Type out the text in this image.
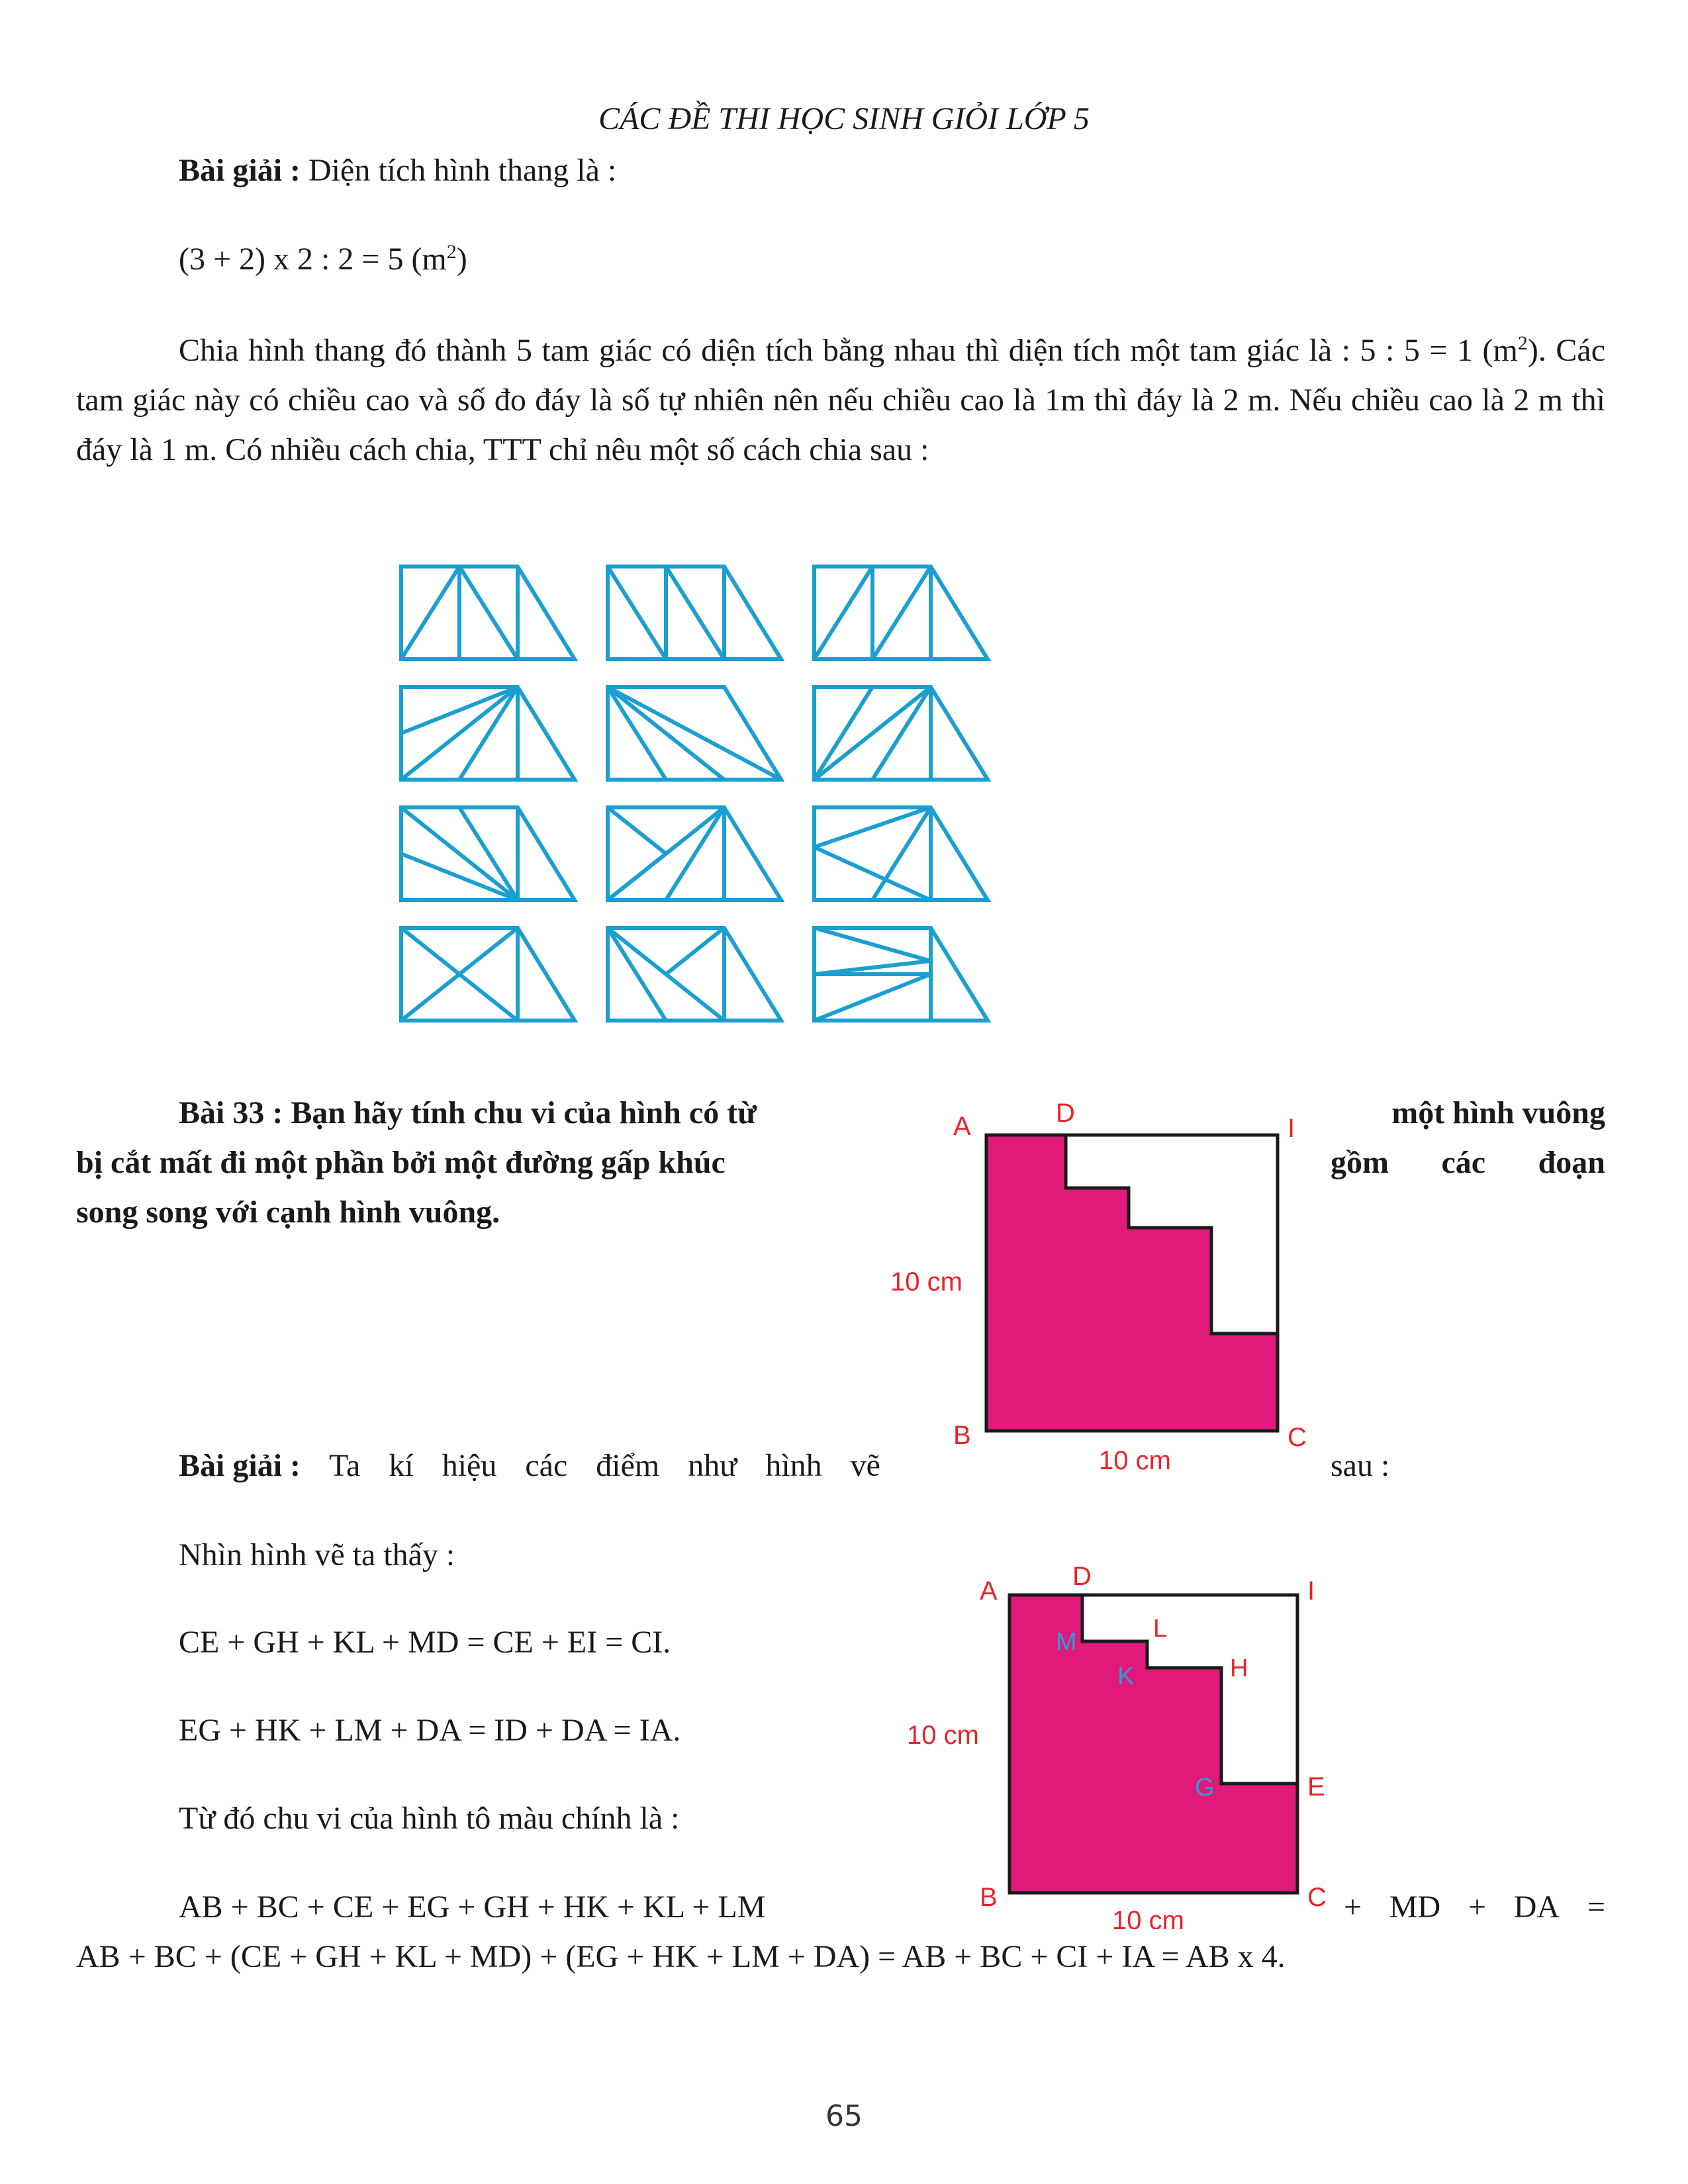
CÁC ĐỀ THI HỌC SINH GIỎI LỚP 5
Bài giải : Diện tích hình thang là :
(3 + 2) x 2 : 2 = 5 $(m^2)$
Chia hình thang đó thành 5 tam giác có diện tích bằng nhau thì diện tích một tam giác là : 5 : 5 = 1 $(m^2)$. Các tam giác này có chiều cao và số đo đáy là số tự nhiên nên nếu chiều cao là 1m thì đáy là 2 m. Nếu chiều cao là 2 m thì đáy là 1 m. Có nhiều cách chia, TTT chỉ nêu một số cách chia sau :
Bài 33 : Bạn hãy tính chu vi của hình có từ
bị cắt mất đi một phần bởi một đường gấp khúc
song song với cạnh hình vuông.
một hình vuông
gồm các đoạn
A	D
I
B	C
10 cm
10 cm
Bài giải : Ta kí hiệu các điểm như hình vẽ	sau :
Nhìn hình vẽ ta thấy :
CE + GH + KL + MD = CE + EI = CI.
EG + HK + LM + DA = ID + DA = IA.
Từ đó chu vi của hình tô màu chính là :
AB + BC + CE + EG + GH + HK + KL + LM	+ MD + DA =
AB + BC + (CE + GH + KL + MD) + (EG + HK + LM + DA) = AB + BC + CI + IA = AB x 4.
A	D	I
B	C
E
M	L
K	H
G
10 cm
10 cm
65
